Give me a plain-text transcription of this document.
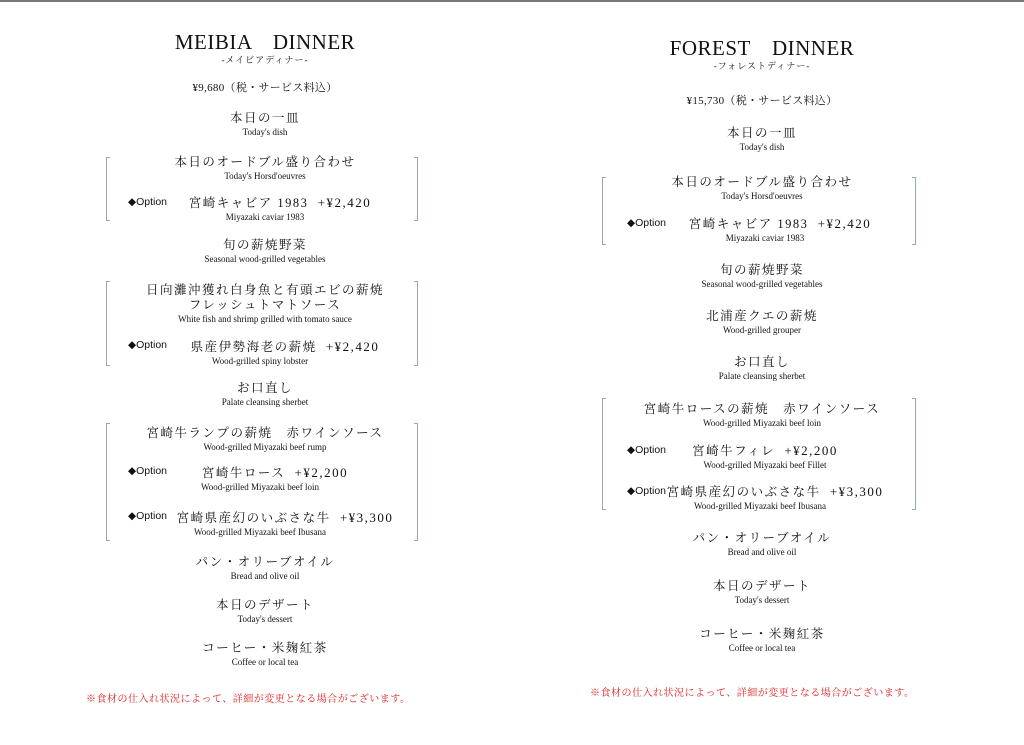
MEIBIA　DINNER
-メイビアディナー-
¥9,680（税・サービス料込）
本日の一皿
Today's dish
本日のオードブル盛り合わせ
Today's Horsd'oeuvres
◆Option	宮崎キャビア 1983 +¥2,420
Miyazaki caviar 1983
旬の薪焼野菜
Seasonal wood-grilled vegetables
日向灘沖獲れ白身魚と有頭エビの薪焼
フレッシュトマトソース
White fish and shrimp grilled with tomato sauce
◆Option	県産伊勢海老の薪焼 +¥2,420
Wood-grilled spiny lobster
お口直し
Palate cleansing sherbet
宮崎牛ランプの薪焼　赤ワインソース
Wood-grilled Miyazaki beef rump
◆Option	宮崎牛ロース +¥2,200
Wood-grilled Miyazaki beef loin
◆Option 宮崎県産幻のいぶさな牛 +¥3,300
Wood-grilled Miyazaki beef Ibusana
パン・オリーブオイル
Bread and olive oil
本日のデザート
Today's dessert
コーヒー・米麹紅茶
Coffee or local tea
※食材の仕入れ状況によって、詳細が変更となる場合がございます。
FOREST　DINNER
-フォレストディナー-
¥15,730（税・サービス料込）
本日の一皿
Today's dish
本日のオードブル盛り合わせ
Today's Horsd'oeuvres
◆Option	宮崎キャビア 1983 +¥2,420
Miyazaki caviar 1983
旬の薪焼野菜
Seasonal wood-grilled vegetables
北浦産クエの薪焼
Wood-grilled grouper
お口直し
Palate cleansing sherbet
宮崎牛ロースの薪焼　赤ワインソース
Wood-grilled Miyazaki beef loin
◆Option	宮崎牛フィレ +¥2,200
Wood-grilled Miyazaki beef Fillet
◆Option 宮崎県産幻のいぶさな牛 +¥3,300
Wood-grilled Miyazaki beef Ibusana
パン・オリーブオイル
Bread and olive oil
本日のデザート
Today's dessert
コーヒー・米麹紅茶
Coffee or local tea
※食材の仕入れ状況によって、詳細が変更となる場合がございます。
